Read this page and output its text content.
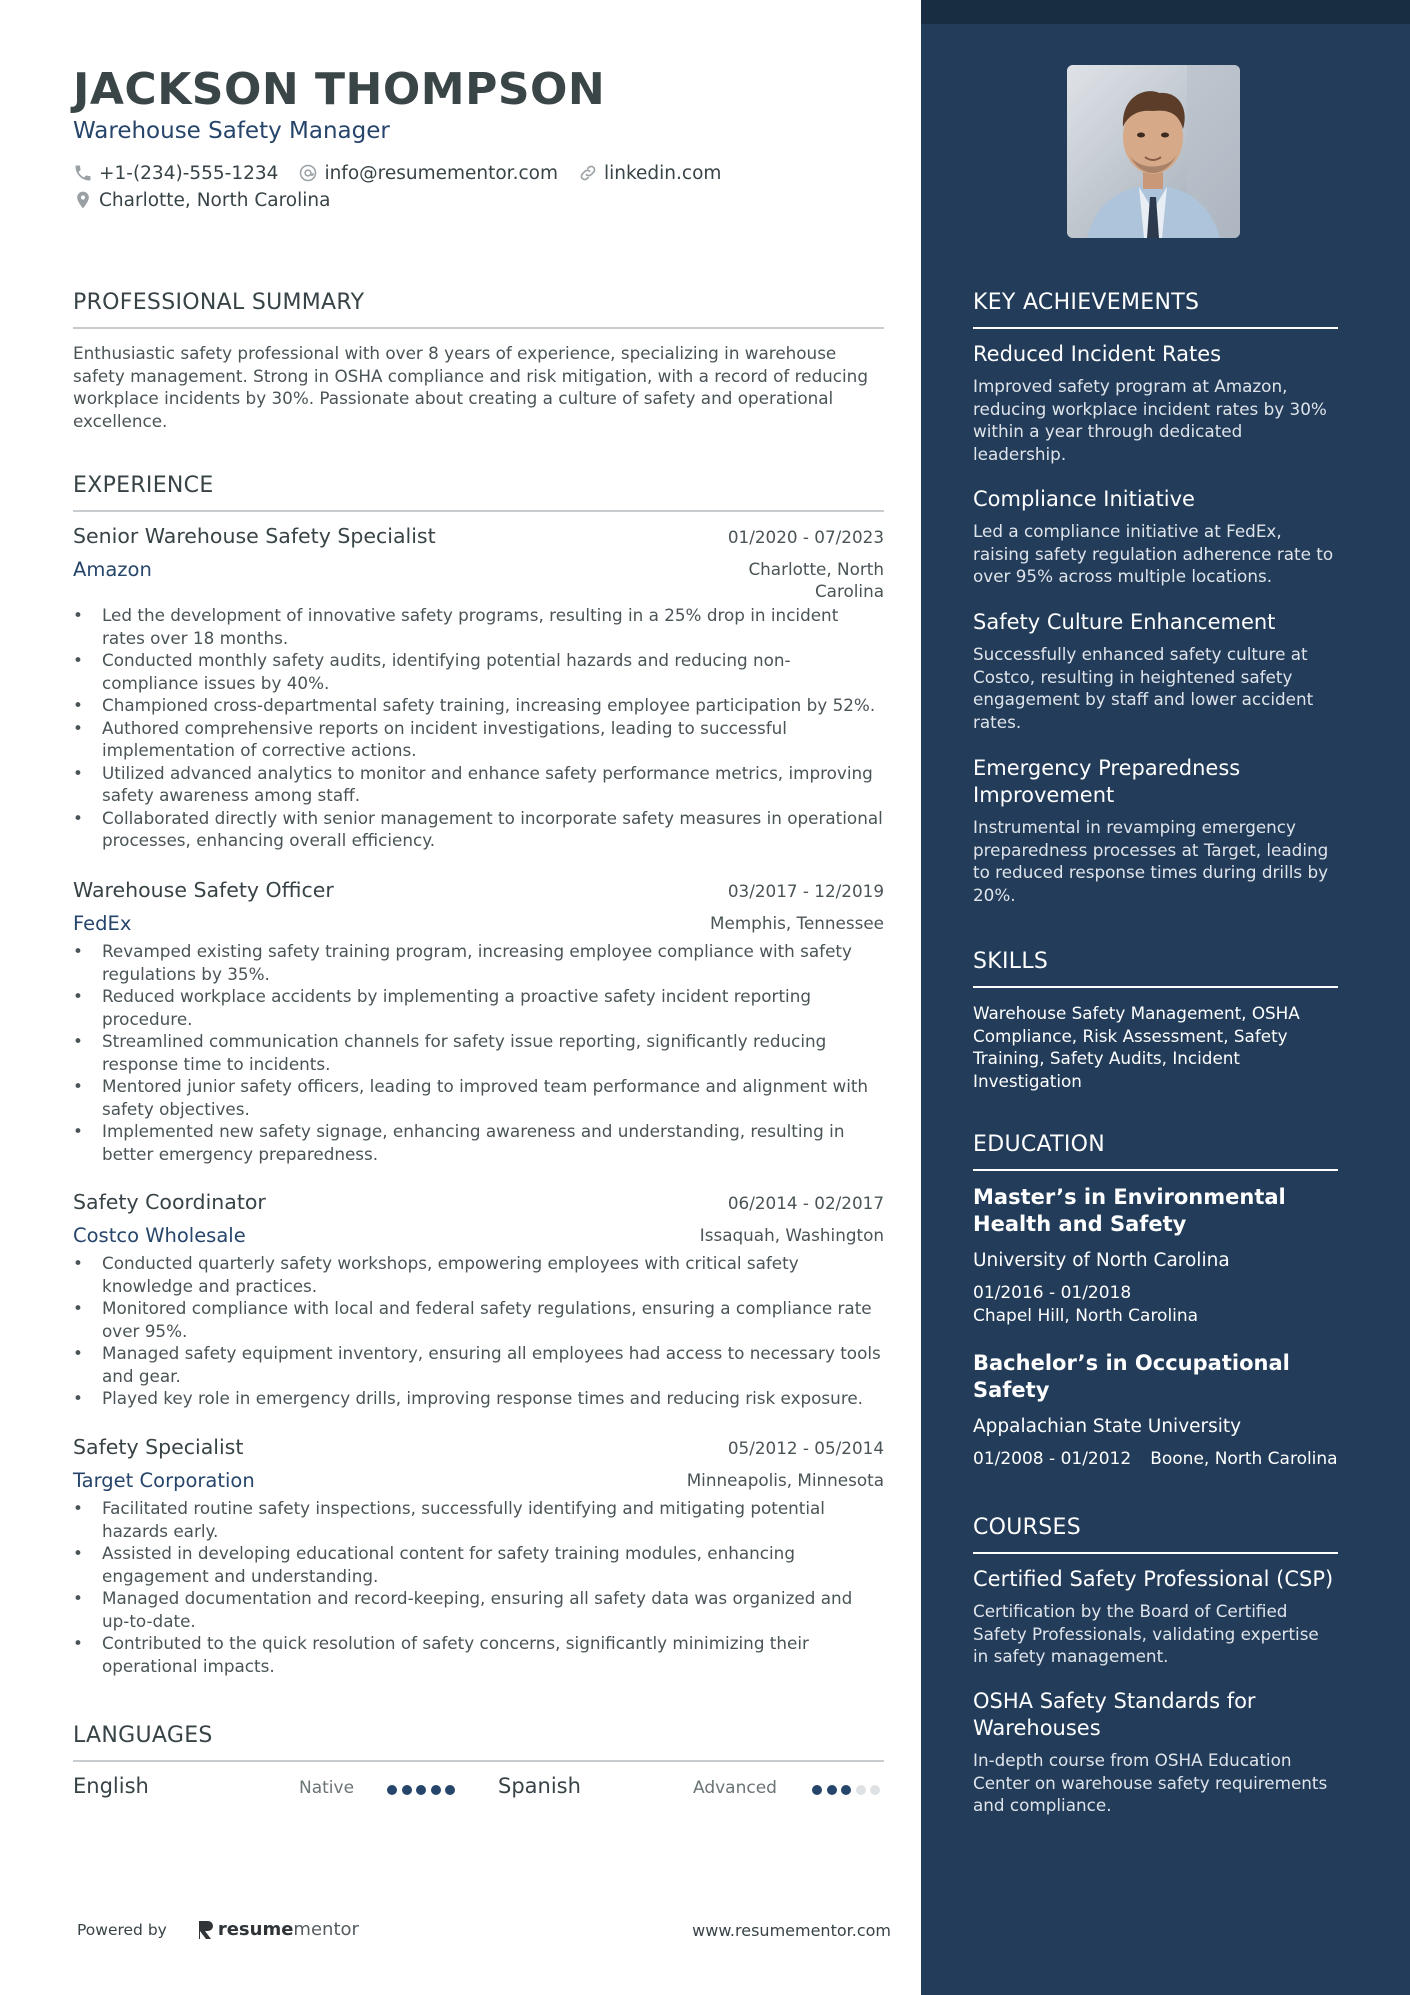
JACKSON THOMPSON
Warehouse Safety Manager
+1-(234)-555-1234 info@resumementor.com linkedin.com
Charlotte, North Carolina
PROFESSIONAL SUMMARY
Enthusiastic safety professional with over 8 years of experience, specializing in warehouse safety management. Strong in OSHA compliance and risk mitigation, with a record of reducing workplace incidents by 30%. Passionate about creating a culture of safety and operational excellence.
EXPERIENCE
Senior Warehouse Safety Specialist	01/2020 - 07/2023
Amazon	Charlotte, North Carolina
• Led the development of innovative safety programs, resulting in a 25% drop in incident rates over 18 months.
• Conducted monthly safety audits, identifying potential hazards and reducing non-compliance issues by 40%.
• Championed cross-departmental safety training, increasing employee participation by 52%.
• Authored comprehensive reports on incident investigations, leading to successful implementation of corrective actions.
• Utilized advanced analytics to monitor and enhance safety performance metrics, improving safety awareness among staff.
• Collaborated directly with senior management to incorporate safety measures in operational processes, enhancing overall efficiency.
Warehouse Safety Officer	03/2017 - 12/2019
FedEx	Memphis, Tennessee
• Revamped existing safety training program, increasing employee compliance with safety regulations by 35%.
• Reduced workplace accidents by implementing a proactive safety incident reporting procedure.
• Streamlined communication channels for safety issue reporting, significantly reducing response time to incidents.
• Mentored junior safety officers, leading to improved team performance and alignment with safety objectives.
• Implemented new safety signage, enhancing awareness and understanding, resulting in better emergency preparedness.
Safety Coordinator	06/2014 - 02/2017
Costco Wholesale	Issaquah, Washington
• Conducted quarterly safety workshops, empowering employees with critical safety knowledge and practices.
• Monitored compliance with local and federal safety regulations, ensuring a compliance rate over 95%.
• Managed safety equipment inventory, ensuring all employees had access to necessary tools and gear.
• Played key role in emergency drills, improving response times and reducing risk exposure.
Safety Specialist	05/2012 - 05/2014
Target Corporation	Minneapolis, Minnesota
• Facilitated routine safety inspections, successfully identifying and mitigating potential hazards early.
• Assisted in developing educational content for safety training modules, enhancing engagement and understanding.
• Managed documentation and record-keeping, ensuring all safety data was organized and up-to-date.
• Contributed to the quick resolution of safety concerns, significantly minimizing their operational impacts.
LANGUAGES
English	Native	Spanish	Advanced
Powered by	resume mentor	www.resumementor.com
KEY ACHIEVEMENTS
Reduced Incident Rates
Improved safety program at Amazon, reducing workplace incident rates by 30% within a year through dedicated leadership.
Compliance Initiative
Led a compliance initiative at FedEx, raising safety regulation adherence rate to over 95% across multiple locations.
Safety Culture Enhancement
Successfully enhanced safety culture at Costco, resulting in heightened safety engagement by staff and lower accident rates.
Emergency Preparedness Improvement
Instrumental in revamping emergency preparedness processes at Target, leading to reduced response times during drills by 20%.
SKILLS
Warehouse Safety Management, OSHA Compliance, Risk Assessment, Safety Training, Safety Audits, Incident Investigation
EDUCATION
Master’s in Environmental Health and Safety
University of North Carolina
01/2016 - 01/2018
Chapel Hill, North Carolina
Bachelor’s in Occupational Safety
Appalachian State University
01/2008 - 01/2012 Boone, North Carolina
COURSES
Certified Safety Professional (CSP)
Certification by the Board of Certified Safety Professionals, validating expertise in safety management.
OSHA Safety Standards for Warehouses
In-depth course from OSHA Education Center on warehouse safety requirements and compliance.
